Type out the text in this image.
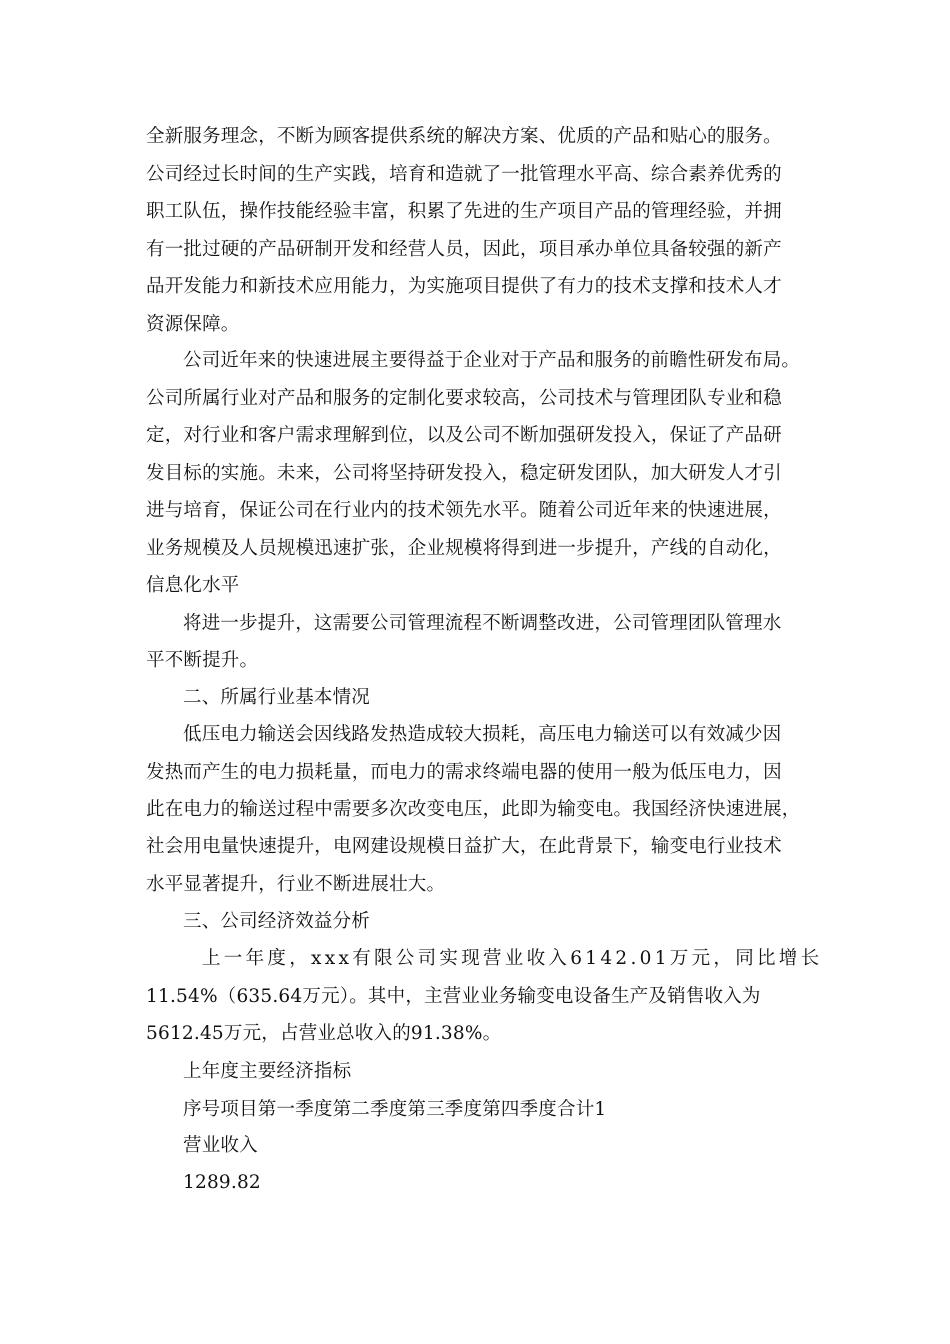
全新服务理念，不断为顾客提供系统的解决方案、优质的产品和贴心的服务。
公司经过长时间的生产实践，培育和造就了一批管理水平高、综合素养优秀的
职工队伍，操作技能经验丰富，积累了先进的生产项目产品的管理经验，并拥
有一批过硬的产品研制开发和经营人员，因此，项目承办单位具备较强的新产
品开发能力和新技术应用能力，为实施项目提供了有力的技术支撑和技术人才
资源保障。
公司近年来的快速进展主要得益于企业对于产品和服务的前瞻性研发布局。
公司所属行业对产品和服务的定制化要求较高，公司技术与管理团队专业和稳
定，对行业和客户需求理解到位，以及公司不断加强研发投入，保证了产品研
发目标的实施。未来，公司将坚持研发投入，稳定研发团队，加大研发人才引
进与培育，保证公司在行业内的技术领先水平。随着公司近年来的快速进展，
业务规模及人员规模迅速扩张，企业规模将得到进一步提升，产线的自动化，
信息化水平
将进一步提升，这需要公司管理流程不断调整改进，公司管理团队管理水
平不断提升。
二、所属行业基本情况
低压电力输送会因线路发热造成较大损耗，高压电力输送可以有效减少因
发热而产生的电力损耗量，而电力的需求终端电器的使用一般为低压电力，因
此在电力的输送过程中需要多次改变电压，此即为输变电。我国经济快速进展，
社会用电量快速提升，电网建设规模日益扩大，在此背景下，输变电行业技术
水平显著提升，行业不断进展壮大。
三、公司经济效益分析
上一年度，xxx有限公司实现营业收入6142.01万元，同比增长
11.54%（635.64万元）。其中，主营业业务输变电设备生产及销售收入为
5612.45万元，占营业总收入的91.38%。
上年度主要经济指标
序号项目第一季度第二季度第三季度第四季度合计1
营业收入
1289.82
